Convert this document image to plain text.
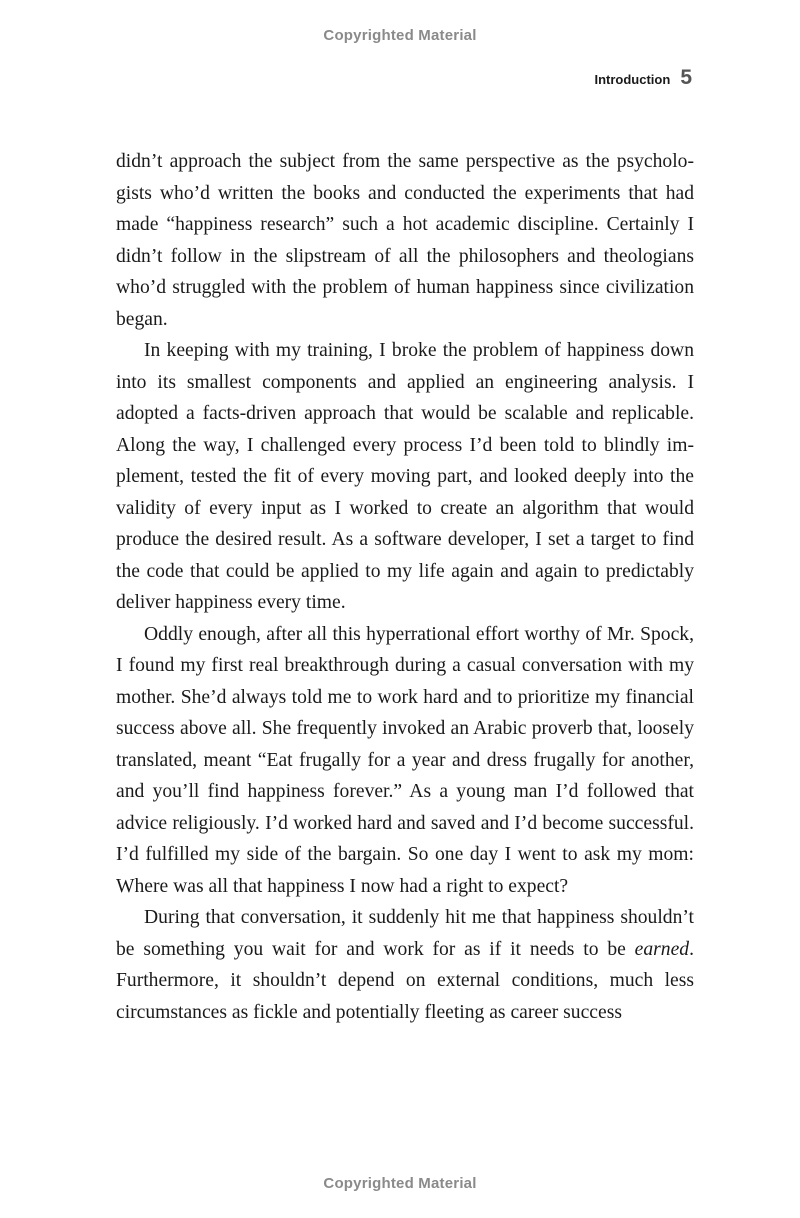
Copyrighted Material
Introduction 5

didn’t approach the subject from the same perspective as the psychologists who’d written the books and conducted the experiments that had made “happiness research” such a hot academic discipline. Certainly I didn’t follow in the slipstream of all the philosophers and theologians who’d struggled with the problem of human happiness since civilization began.

In keeping with my training, I broke the problem of happiness down into its smallest components and applied an engineering analysis. I adopted a facts-driven approach that would be scalable and replicable. Along the way, I challenged every process I’d been told to blindly implement, tested the fit of every moving part, and looked deeply into the validity of every input as I worked to create an algorithm that would produce the desired result. As a software developer, I set a target to find the code that could be applied to my life again and again to predictably deliver happiness every time.

Oddly enough, after all this hyperrational effort worthy of Mr. Spock, I found my first real breakthrough during a casual conversation with my mother. She’d always told me to work hard and to prioritize my financial success above all. She frequently invoked an Arabic proverb that, loosely translated, meant “Eat frugally for a year and dress frugally for another, and you’ll find happiness forever.” As a young man I’d followed that advice religiously. I’d worked hard and saved and I’d become successful. I’d fulfilled my side of the bargain. So one day I went to ask my mom: Where was all that happiness I now had a right to expect?

During that conversation, it suddenly hit me that happiness shouldn’t be something you wait for and work for as if it needs to be earned. Furthermore, it shouldn’t depend on external conditions, much less circumstances as fickle and potentially fleeting as career success

Copyrighted Material
